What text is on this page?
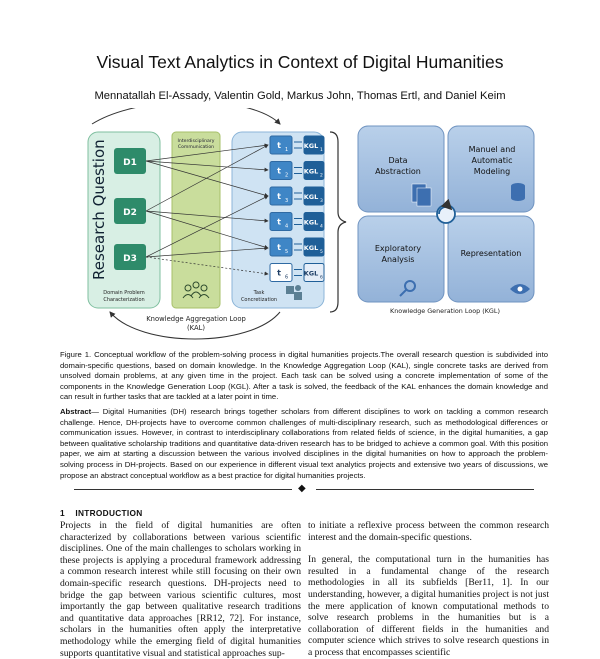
Visual Text Analytics in Context of Digital Humanities
Mennatallah El-Assady, Valentin Gold, Markus John, Thomas Ertl, and Daniel Keim
Research Question D1
D2
D3
Domain Problem
Characterization
Interdisciplinary
Communication	t 1 KGL
1
t 2 KGL
2
t 3 KGL
3
t 4 KGL
4
t 5 KGL
5
t 6 KGL
6
Task
Concretization
Data
Abstraction
Manuel and
Automatic
Modeling
Exploratory
Analysis
Representation
Knowledge Generation Loop (KGL)
Knowledge Aggregation Loop
(KAL)
Figure 1. Conceptual workflow of the problem-solving process in digital humanities projects.The overall research question is subdivided into domain-specific questions, based on domain knowledge. In the Knowledge Aggregation Loop (KAL), single concrete tasks are derived from unsolved domain problems, at any given time in the project. Each task can be solved using a concrete implementation of some of the components in the Knowledge Generation Loop (KGL). After a task is solved, the feedback of the KAL enhances the domain knowledge and can result in further tasks that are tackled at a later point in time.
Abstract— Digital Humanities (DH) research brings together scholars from different disciplines to work on tackling a common research challenge. Hence, DH-projects have to overcome common challenges of multi-disciplinary research, such as methodological differences or communication issues. However, in contrast to interdisciplinary collaborations from related fields of science, in the digital humanities, a gap between qualitative scholarship traditions and quantitative data-driven research has to be bridged to achieve a common goal. With this position paper, we aim at starting a discussion between the various involved disciplines in the digital humanities on how to approach the problem-solving process in DH-projects. Based on our experience in different visual text analytics projects and extensive two years of discussions, we propose an abstract conceptual workflow as a best practice for digital humanities projects.
◆
1 INTRODUCTION

Projects in the field of digital humanities are often characterized by collaborations between various scientific disciplines. One of the main challenges to scholars working in these projects is applying a procedural framework addressing a common research interest while still focusing on their own domain-specific research questions. DH-projects need to bridge the gap between various scientific cultures, most importantly the gap between qualitative research traditions and quantitative data approaches [RR12, 72]. For instance, scholars in the humanities often apply the interpretative methodology while the emerging field of digital humanities supports quantitative visual and statistical approaches sup-

to initiate a reflexive process between the common research interest and the domain-specific questions.

In general, the computational turn in the humanities has resulted in a fundamental change of the research methodologies in all its subfields [Ber11, 1]. In our understanding, however, a digital humanities project is not just the mere application of known computational methods to solve research problems in the humanities but is a collaboration of different fields in the humanities and computer science which strives to solve research questions in a process that encompasses scientific
